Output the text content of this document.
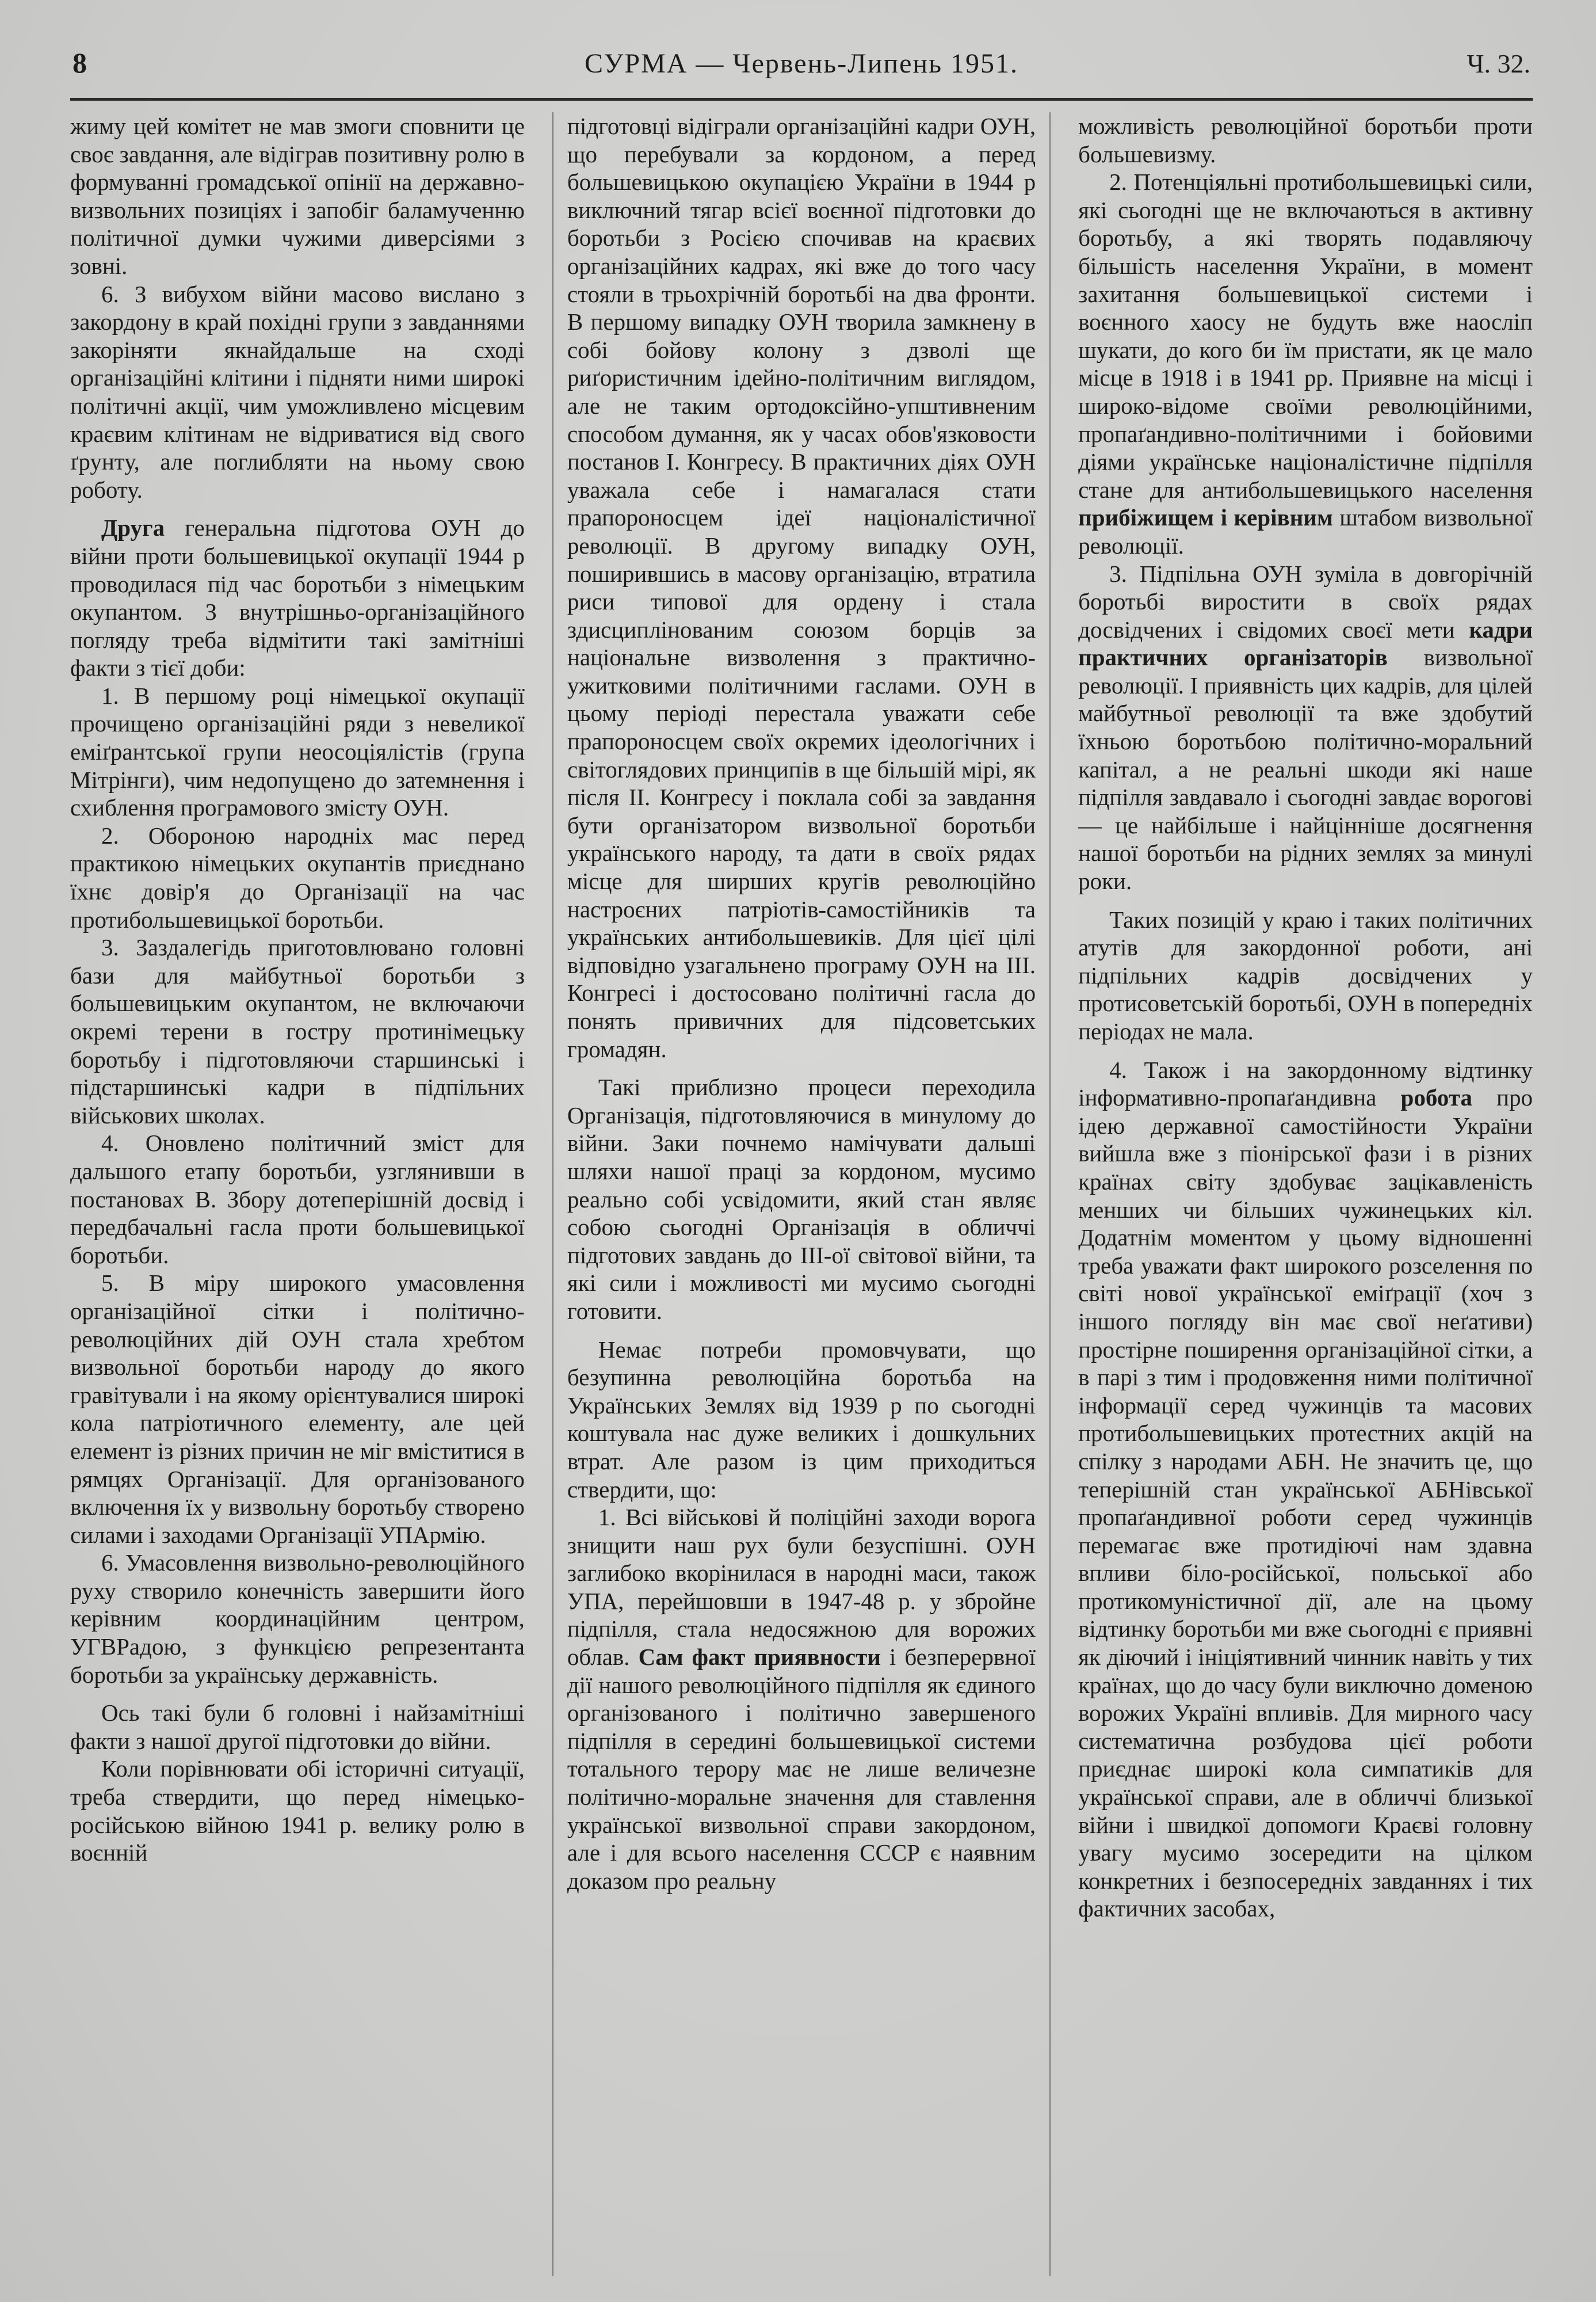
8	СУРМА — Червень-Липень 1951.	Ч. 32.

жиму цей комітет не мав змоги сповнити це своє завдання, але відіграв позитивну ролю в формуванні громадської опінії на державно-визвольних позиціях і запобіг баламученню політичної думки чужими диверсіями з зовні.

6. З вибухом війни масово вислано з закордону в край похідні групи з завданнями закоріняти якнайдальше на сході організаційні клітини і підняти ними широкі політичні акції, чим уможливлено місцевим краєвим клітинам не відриватися від свого ґрунту, але поглибляти на ньому свою роботу.

Друга генеральна підготова ОУН до війни проти большевицької окупації 1944 р проводилася під час боротьби з німецьким окупантом. З внутрішньо-організаційного погляду треба відмітити такі замітніші факти з тієї доби:

1. В першому році німецької окупації прочищено організаційні ряди з невеликої еміґрантської групи неосоціялістів (група Мітрінги), чим недопущено до затемнення і схиблення програмового змісту ОУН.

2. Обороною народніх мас перед практикою німецьких окупантів приєднано їхнє довір'я до Організації на час протибольшевицької боротьби.

3. Заздалегідь приготовлювано головні бази для майбутньої боротьби з большевицьким окупантом, не включаючи окремі терени в гостру протинімецьку боротьбу і підготовляючи старшинські і підстаршинські кадри в підпільних військових школах.

4. Оновлено політичний зміст для дальшого етапу боротьби, узглянивши в постановах В. Збору дотеперішній досвід і передбачальні гасла проти большевицької боротьби.

5. В міру широкого умасовлення організаційної сітки і політично-революційних дій ОУН стала хребтом визвольної боротьби народу до якого гравітували і на якому орієнтувалися широкі кола патріотичного елементу, але цей елемент із різних причин не міг вміститися в рямцях Організації. Для організованого включення їх у визвольну боротьбу створено силами і заходами Організації УПАрмію.

6. Умасовлення визвольно-революційного руху створило конечність завершити його керівним координаційним центром, УГВРадою, з функцією репрезентанта боротьби за українську державність.

Ось такі були б головні і найзамітніші факти з нашої другої підготовки до війни.

Коли порівнювати обі історичні ситуації, треба ствердити, що перед німецько-російською війною 1941 р. велику ролю в воєнній

підготовці відіграли організаційні кадри ОУН, що перебували за кордоном, а перед большевицькою окупацією України в 1944 р виключний тягар всієї воєнної підготовки до боротьби з Росією спочивав на краєвих організаційних кадрах, які вже до того часу стояли в трьохрічній боротьбі на два фронти. В першому випадку ОУН творила замкнену в собі бойову колону з дзволі ще риґористичним ідейно-політичним виглядом, але не таким ортодоксійно-упштивненим способом думання, як у часах обов'язковости постанов І. Конгресу. В практичних діях ОУН уважала себе і намагалася стати прапороносцем ідеї націоналістичної революції. В другому випадку ОУН, поширившись в масову організацію, втратила риси типової для ордену і стала здисциплінованим союзом борців за національне визволення з практично-ужитковими політичними гаслами. ОУН в цьому періоді перестала уважати себе прапороносцем своїх окремих ідеологічних і світоглядових принципів в ще більшій мірі, як після II. Конгресу і поклала собі за завдання бути організатором визвольної боротьби українського народу, та дати в своїх рядах місце для ширших кругів революційно настроєних патріотів-самостійників та українських антибольшевиків. Для цієї цілі відповідно узагальнено програму ОУН на III. Конгресі і достосовано політичні гасла до понять привичних для підсоветських громадян.

Такі приблизно процеси переходила Організація, підготовляючися в минулому до війни. Заки почнемо намічувати дальші шляхи нашої праці за кордоном, мусимо реально собі усвідомити, який стан являє собою сьогодні Організація в обличчі підготових завдань до III-ої світової війни, та які сили і можливості ми мусимо сьогодні готовити.

Немає потреби промовчувати, що безупинна революційна боротьба на Українських Землях від 1939 р по сьогодні коштувала нас дуже великих і дошкульних втрат. Але разом із цим приходиться ствердити, що:

1. Всі військові й поліційні заходи ворога знищити наш рух були безуспішні. ОУН заглибоко вкорінилася в народні маси, також УПА, перейшовши в 1947-48 р. у збройне підпілля, стала недосяжною для ворожих облав. Сам факт приявности і безперервної дії нашого революційного підпілля як єдиного організованого і політично завершеного підпілля в середині большевицької системи тотального терору має не лише величезне політично-моральне значення для ставлення української визвольної справи закордоном, але і для всього населення СССР є наявним доказом про реальну

можливість революційної боротьби проти большевизму.

2. Потенціяльні протибольшевицькі сили, які сьогодні ще не включаються в активну боротьбу, а які творять подавляючу більшість населення України, в момент захитання большевицької системи і воєнного хаосу не будуть вже наосліп шукати, до кого би їм пристати, як це мало місце в 1918 і в 1941 рр. Приявне на місці і широко-відоме своїми революційними, пропаґандивно-політичними і бойовими діями українське націоналістичне підпілля стане для антибольшевицького населення прибіжищем і керівним штабом визвольної революції.

3. Підпільна ОУН зуміла в довгорічній боротьбі виростити в своїх рядах досвідчених і свідомих своєї мети кадри практичних організаторів визвольної революції. І приявність цих кадрів, для цілей майбутньої революції та вже здобутий їхньою боротьбою політично-моральний капітал, а не реальні шкоди які наше підпілля завдавало і сьогодні завдає ворогові — це найбільше і найцінніше досягнення нашої боротьби на рідних землях за минулі роки.

Таких позицій у краю і таких політичних атутів для закордонної роботи, ані підпільних кадрів досвідчених у протисоветській боротьбі, ОУН в попередніх періодах не мала.

4. Також і на закордонному відтинку інформативно-пропаґандивна робота про ідею державної самостійности України вийшла вже з піонірської фази і в різних країнах світу здобуває зацікавленість менших чи більших чужинецьких кіл. Додатнім моментом у цьому відношенні треба уважати факт широкого розселення по світі нової української еміґрації (хоч з іншого погляду він має свої неґативи) простірне поширення організаційної сітки, а в парі з тим і продовження ними політичної інформації серед чужинців та масових протибольшевицьких протестних акцій на спілку з народами АБН. Не значить це, що теперішній стан української АБНівської пропаґандивної роботи серед чужинців перемагає вже протидіючі нам здавна впливи біло-російської, польської або протикомуністичної дії, але на цьому відтинку боротьби ми вже сьогодні є приявні як діючий і ініціятивний чинник навіть у тих країнах, що до часу були виключно доменою ворожих Україні впливів. Для мирного часу систематична розбудова цієї роботи приєднає широкі кола симпатиків для української справи, але в обличчі близької війни і швидкої допомоги Краєві головну увагу мусимо зосередити на цілком конкретних і безпосередніх завданнях і тих фактичних засобах,
